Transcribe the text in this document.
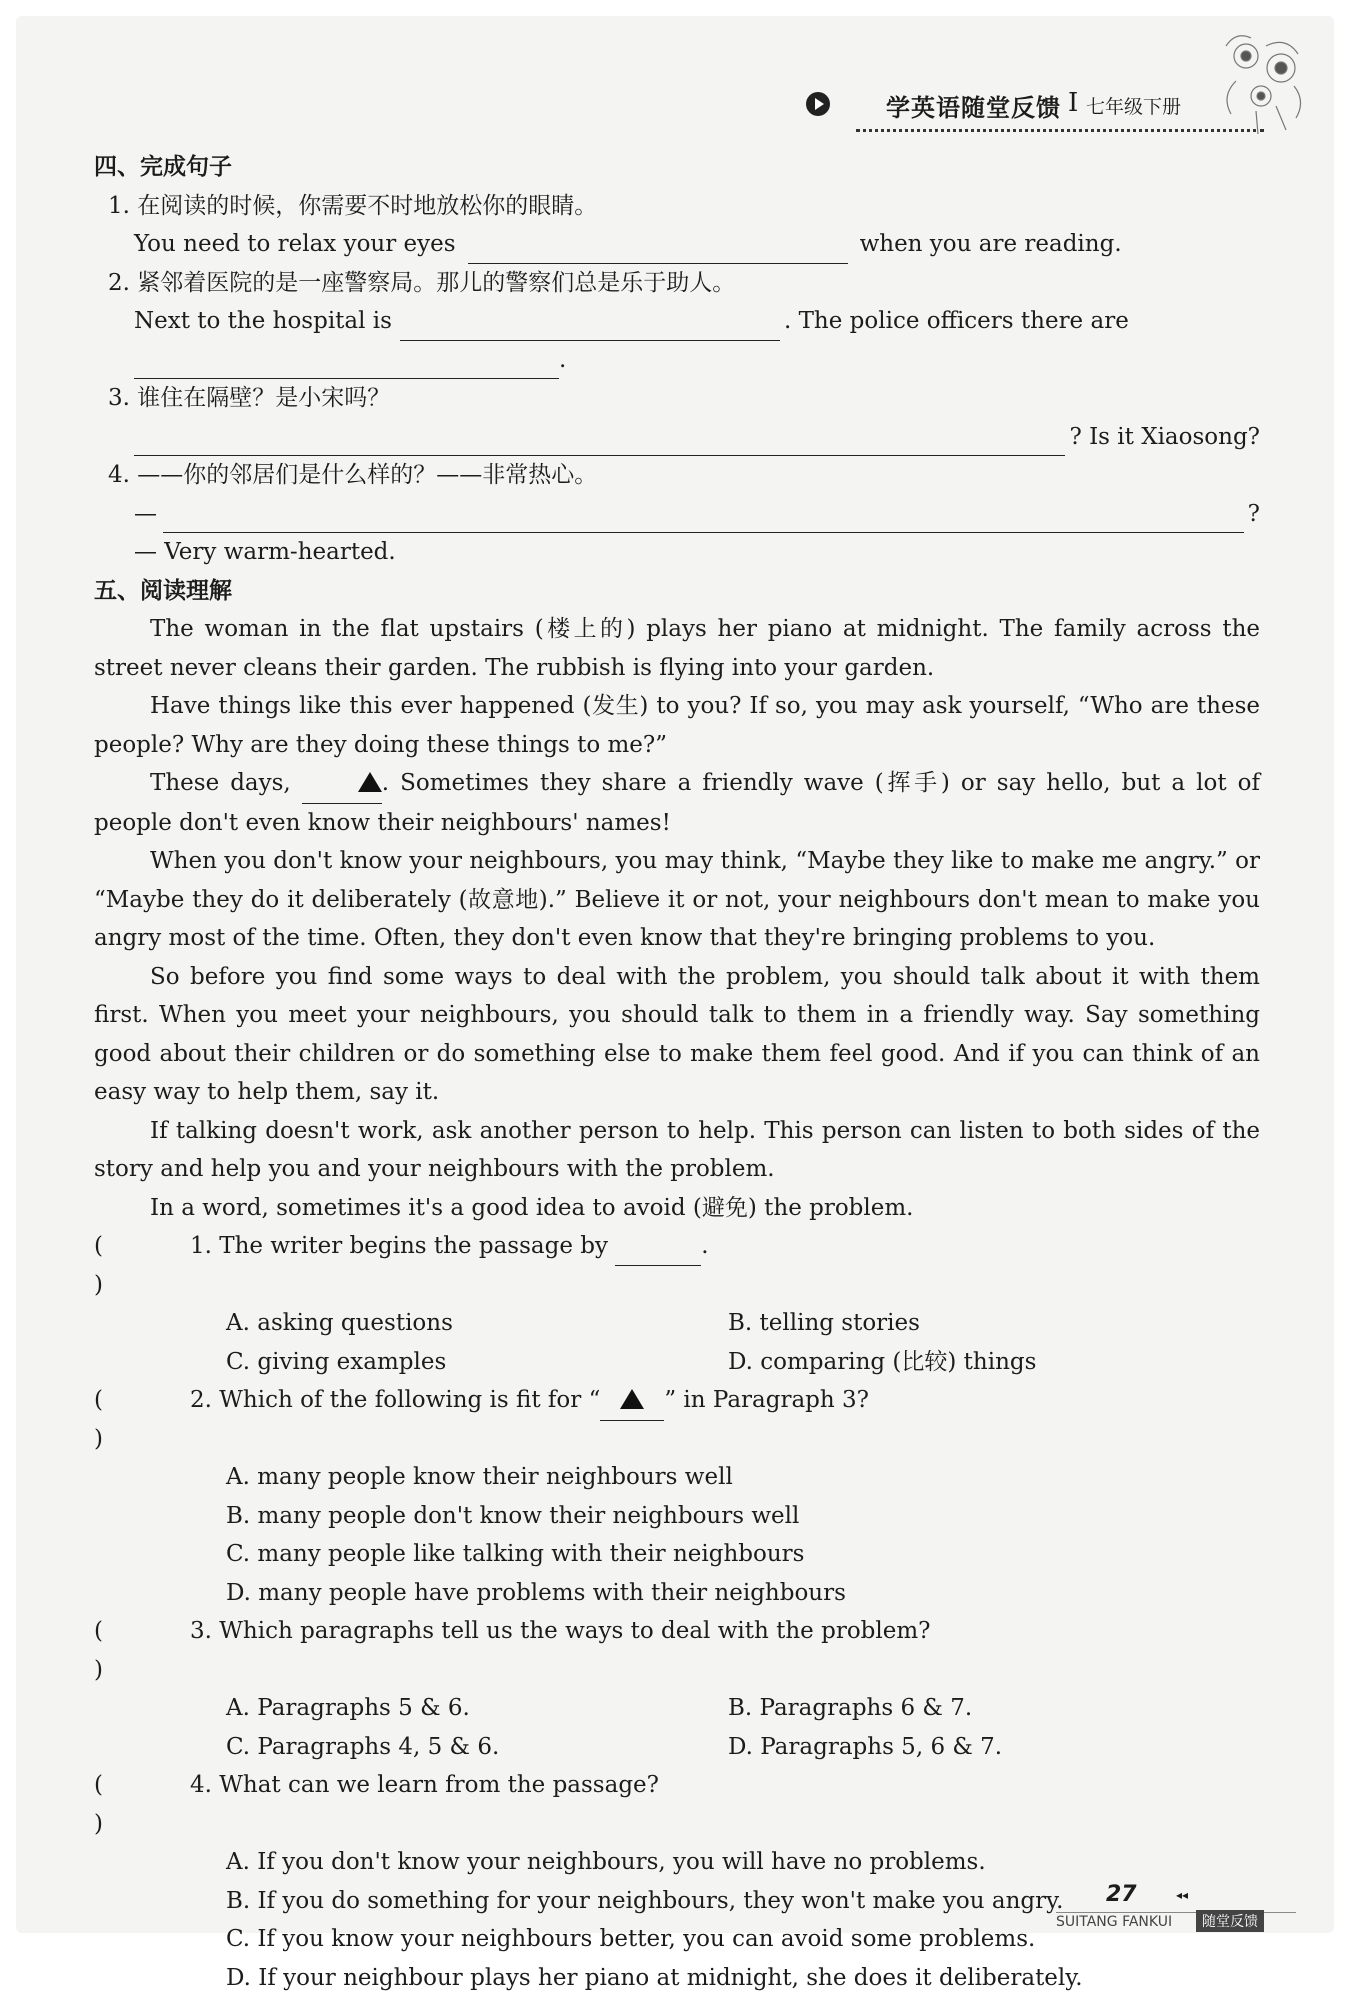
学英语随堂反馈 I 七年级下册
四、完成句子
1. 在阅读的时候，你需要不时地放松你的眼睛。
You need to relax your eyes	when you are reading.
2. 紧邻着医院的是一座警察局。那儿的警察们总是乐于助人。
Next to the hospital is	. The police officers there are
.
3. 谁住在隔壁？是小宋吗？
? Is it Xiaosong?
4. ——你的邻居们是什么样的？——非常热心。
—	?
— Very warm-hearted.
五、阅读理解
The woman in the flat upstairs (楼上的) plays her piano at midnight. The family across the street never cleans their garden. The rubbish is flying into your garden.
Have things like this ever happened (发生) to you? If so, you may ask yourself, “Who are these people? Why are they doing these things to me?”
These days,	. Sometimes they share a friendly wave (挥手) or say hello, but a lot of people don't even know their neighbours' names!
When you don't know your neighbours, you may think, “Maybe they like to make me angry.” or “Maybe they do it deliberately (故意地).” Believe it or not, your neighbours don't mean to make you angry most of the time. Often, they don't even know that they're bringing problems to you.
So before you find some ways to deal with the problem, you should talk about it with them first. When you meet your neighbours, you should talk to them in a friendly way. Say something good about their children or do something else to make them feel good. And if you can think of an easy way to help them, say it.
If talking doesn't work, ask another person to help. This person can listen to both sides of the story and help you and your neighbours with the problem.
In a word, sometimes it's a good idea to avoid (避免) the problem.
()
1. The writer begins the passage by	.
A. asking questions	B. telling stories
C. giving examples	D. comparing (比较) things
()
2. Which of the following is fit for “	” in Paragraph 3?
A. many people know their neighbours well
B. many people don't know their neighbours well
C. many people like talking with their neighbours
D. many people have problems with their neighbours
()
3. Which paragraphs tell us the ways to deal with the problem?
A. Paragraphs 5 & 6.	B. Paragraphs 6 & 7.
C. Paragraphs 4, 5 & 6.	D. Paragraphs 5, 6 & 7.
()
4. What can we learn from the passage?
A. If you don't know your neighbours, you will have no problems.
B. If you do something for your neighbours, they won't make you angry.
C. If you know your neighbours better, you can avoid some problems.
D. If your neighbour plays her piano at midnight, she does it deliberately.
27	◂◂
SUITANG FANKUI	随堂反馈
